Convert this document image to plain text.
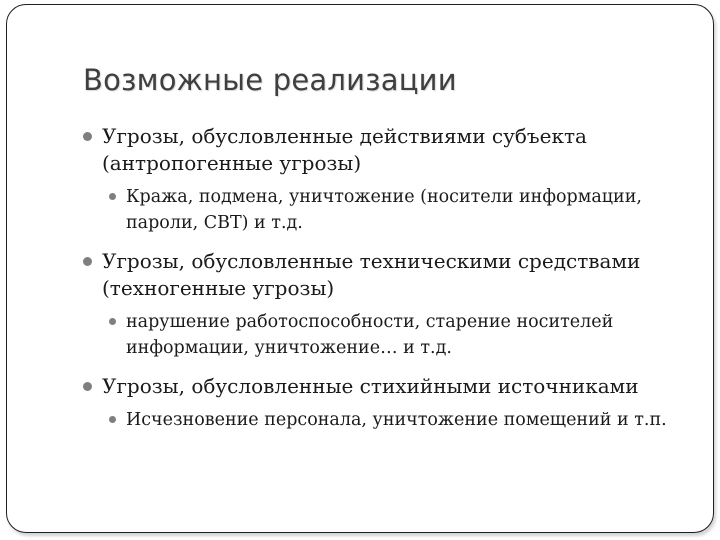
Возможные реализации
Угрозы, обусловленные действиями субъекта (антропогенные угрозы)
Кража, подмена, уничтожение (носители информации, пароли, СВТ) и т.д.
Угрозы, обусловленные техническими средствами (техногенные угрозы)
нарушение работоспособности, старение носителей информации, уничтожение… и т.д.
Угрозы, обусловленные стихийными источниками
Исчезновение персонала, уничтожение помещений и т.п.
